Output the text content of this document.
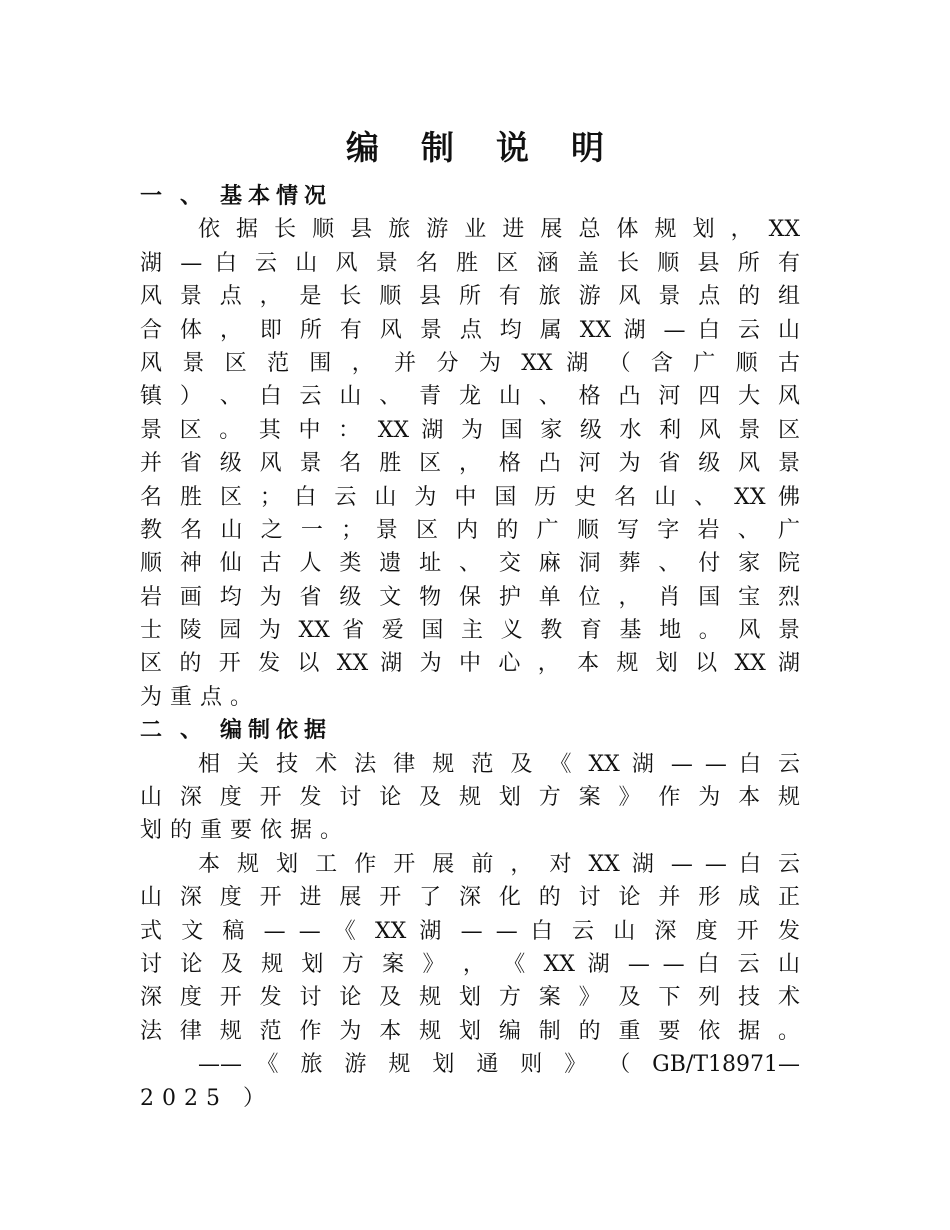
编制说明
一、基本情况
依 据 长 顺 县 旅 游 业 进 展 总 体 规 划 ， XX
湖 — 白 云 山 风 景 名 胜 区 涵 盖 长 顺 县 所 有
风 景 点 ， 是 长 顺 县 所 有 旅 游 风 景 点 的 组
合 体 ， 即 所 有 风 景 点 均 属 XX 湖 — 白 云 山
风 景 区 范 围 ， 并 分 为 XX 湖 （ 含 广 顺 古
镇 ） 、 白 云 山 、 青 龙 山 、 格 凸 河 四 大 风
景 区 。 其 中 ： XX 湖 为 国 家 级 水 利 风 景 区
并 省 级 风 景 名 胜 区 ， 格 凸 河 为 省 级 风 景
名 胜 区 ； 白 云 山 为 中 国 历 史 名 山 、 XX 佛
教 名 山 之 一 ； 景 区 内 的 广 顺 写 字 岩 、 广
顺 神 仙 古 人 类 遗 址 、 交 麻 洞 葬 、 付 家 院
岩 画 均 为 省 级 文 物 保 护 单 位 ， 肖 国 宝 烈
士 陵 园 为 XX 省 爱 国 主 义 教 育 基 地 。 风 景
区 的 开 发 以 XX 湖 为 中 心 ， 本 规 划 以 XX 湖
为重点。
二、编制依据
相 关 技 术 法 律 规 范 及 《 XX 湖 — — 白 云
山 深 度 开 发 讨 论 及 规 划 方 案 》 作 为 本 规
划的重要依据。
本 规 划 工 作 开 展 前 ， 对 XX 湖 — — 白 云
山 深 度 开 进 展 开 了 深 化 的 讨 论 并 形 成 正
式 文 稿 — — 《 XX 湖 — — 白 云 山 深 度 开 发
讨 论 及 规 划 方 案 》 ， 《 XX 湖 — — 白 云 山
深 度 开 发 讨 论 及 规 划 方 案 》 及 下 列 技 术
法 律 规 范 作 为 本 规 划 编 制 的 重 要 依 据 。
—— 《 旅 游 规 划 通 则 》 （ GB/T18971—
2025 ）
